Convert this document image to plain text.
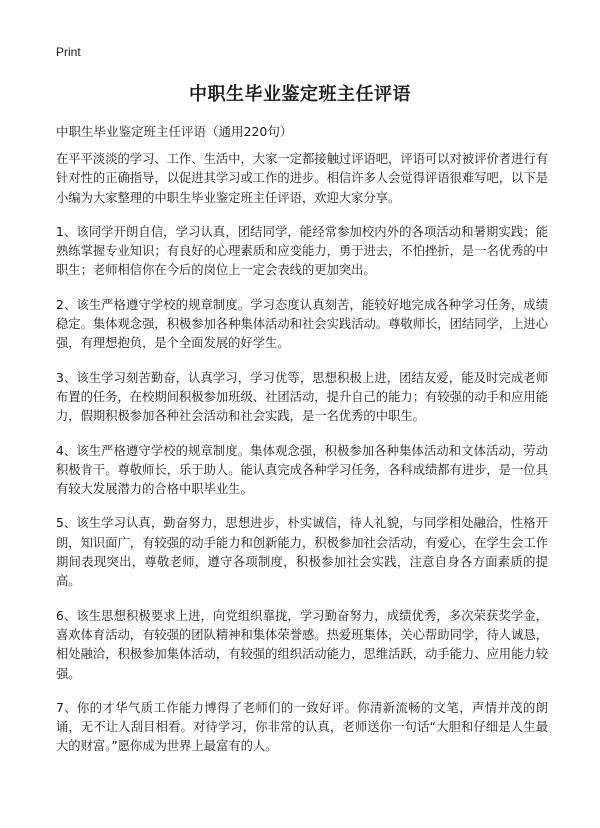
Print
中职生毕业鉴定班主任评语

中职生毕业鉴定班主任评语（通用220句）

在平平淡淡的学习、工作、生活中，大家一定都接触过评语吧，评语可以对被评价者进行有针对性的正确指导，以促进其学习或工作的进步。相信许多人会觉得评语很难写吧，以下是小编为大家整理的中职生毕业鉴定班主任评语，欢迎大家分享。

1、该同学开朗自信，学习认真，团结同学，能经常参加校内外的各项活动和暑期实践；能熟练掌握专业知识；有良好的心理素质和应变能力，勇于进去，不怕挫折，是一名优秀的中职生；老师相信你在今后的岗位上一定会表线的更加突出。

2、该生严格遵守学校的规章制度。学习态度认真刻苦，能较好地完成各种学习任务，成绩稳定。集体观念强，积极参加各种集体活动和社会实践活动。尊敬师长，团结同学，上进心强，有理想抱负，是个全面发展的好学生。

3、该生学习刻苦勤奋，认真学习，学习优等，思想积极上进，团结友爱，能及时完成老师布置的任务，在校期间积极参加班级、社团活动，提升自己的能力；有较强的动手和应用能力，假期积极参加各种社会活动和社会实践，是一名优秀的中职生。

4、该生严格遵守学校的规章制度。集体观念强，积极参加各种集体活动和文体活动，劳动积极肯干。尊敬师长，乐于助人。能认真完成各种学习任务，各科成绩都有进步，是一位具有较大发展潜力的合格中职毕业生。

5、该生学习认真，勤奋努力，思想进步，朴实诚信，待人礼貌，与同学相处融洽，性格开朗，知识面广，有较强的动手能力和创新能力，积极参加社会活动，有爱心，在学生会工作期间表现突出，尊敬老师，遵守各项制度，积极参加社会实践，注意自身各方面素质的提高。

6、该生思想积极要求上进，向党组织靠拢，学习勤奋努力，成绩优秀，多次荣获奖学金，喜欢体育活动，有较强的团队精神和集体荣誉感。热爱班集体，关心帮助同学，待人诚恳，相处融洽，积极参加集体活动，有较强的组织活动能力，思维活跃，动手能力、应用能力较强。

7、你的才华气质工作能力博得了老师们的一致好评。你清新流畅的文笔，声情并茂的朗诵，无不让人刮目相看。对待学习，你非常的认真，老师送你一句话“大胆和仔细是人生最大的财富。”愿你成为世界上最富有的人。
